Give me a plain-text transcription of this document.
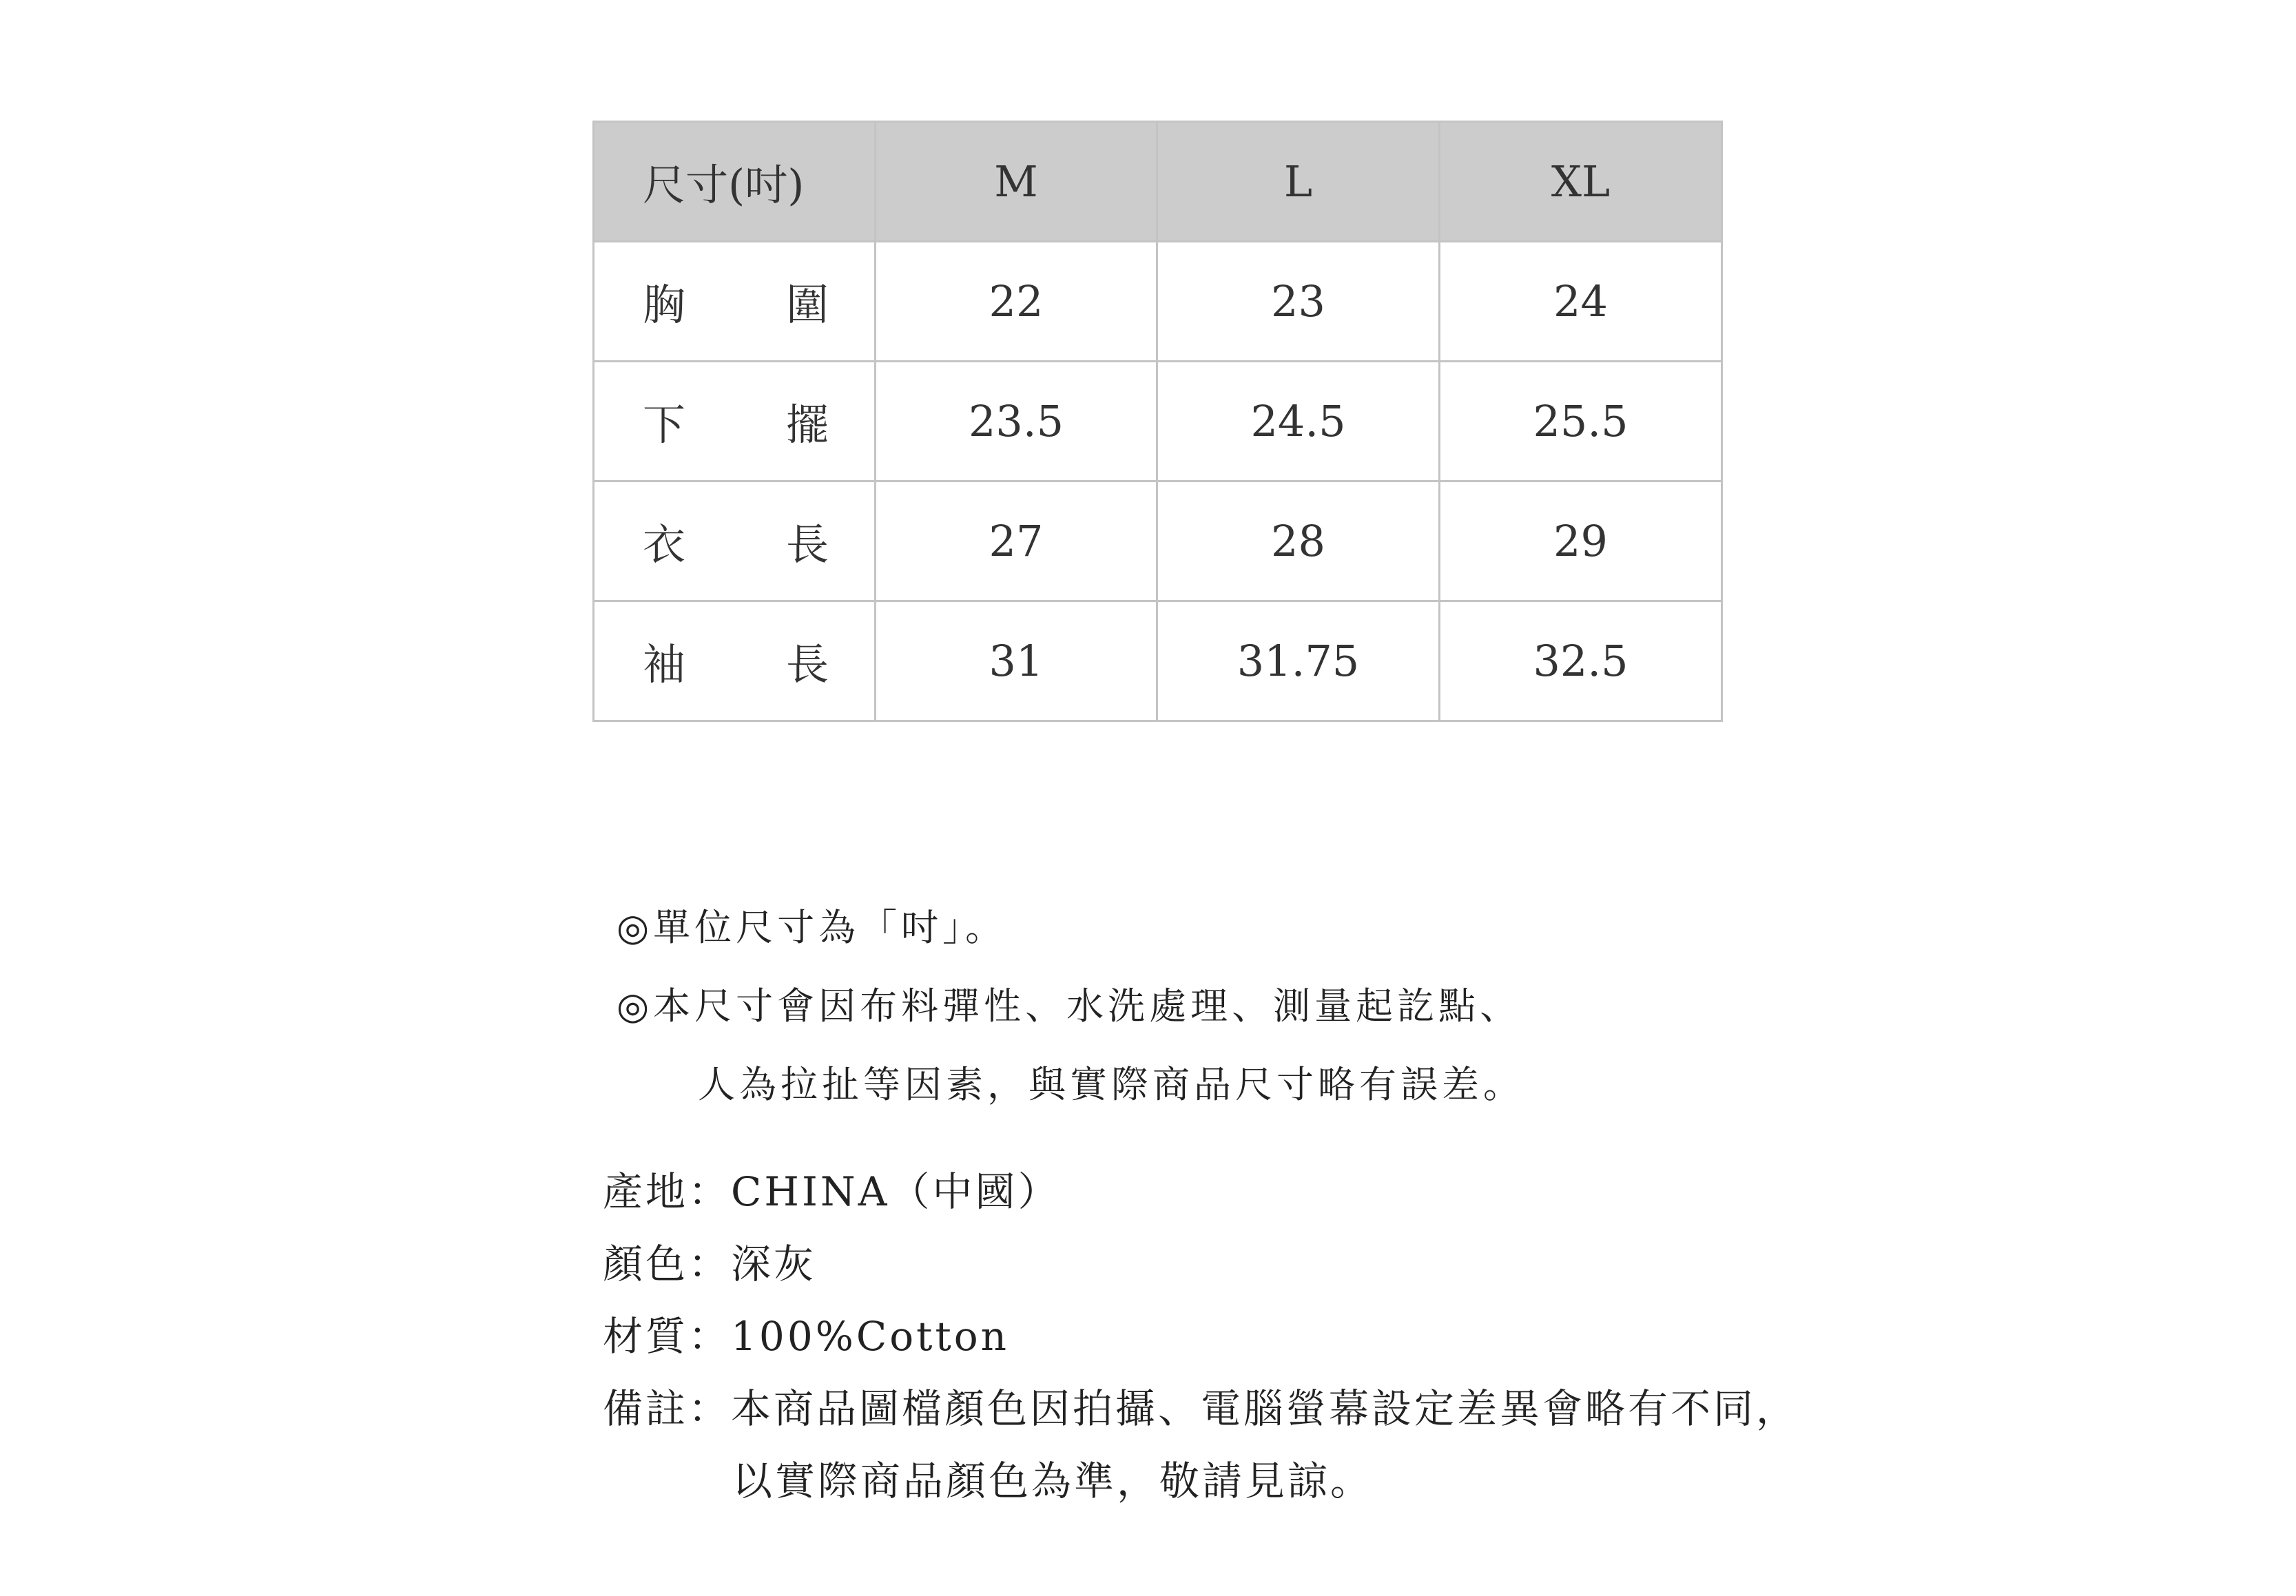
尺寸(吋)	M	L	XL
胸 圍	22	23	24
下 擺	23.5	24.5	25.5
衣 長	27	28	29
袖 長	31	31.75	32.5
◎單位尺寸為「吋」。
◎本尺寸會因布料彈性、水洗處理、測量起訖點、
人為拉扯等因素，與實際商品尺寸略有誤差。
產地 ： CHINA（中國）
顏色 ： 深灰
材質 ： 100%Cotton
備註 ： 本商品圖檔顏色因拍攝、電腦螢幕設定差異會略有不同，
以實際商品顏色為準，敬請見諒。
